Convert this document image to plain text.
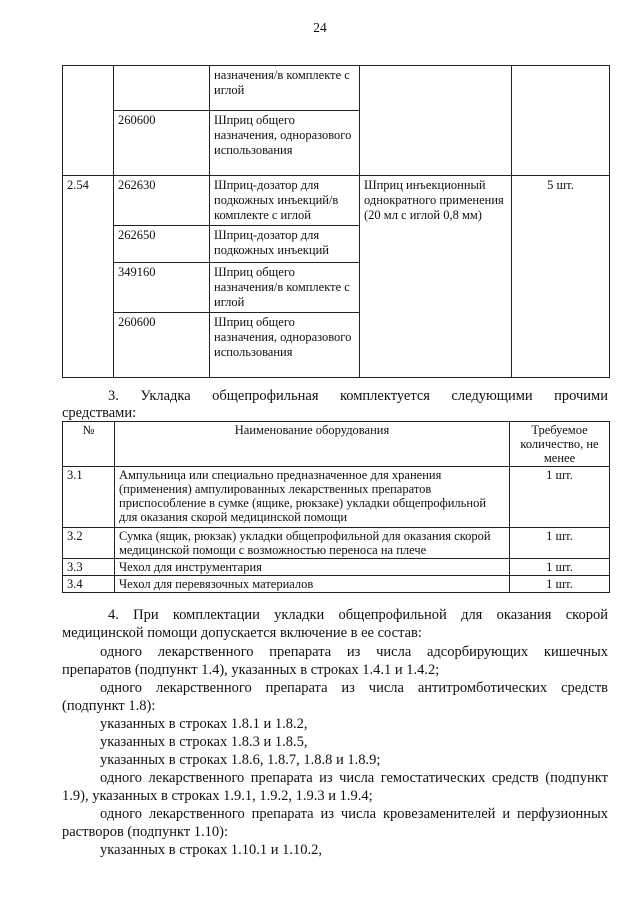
24
		назначения/в комплекте с иглой		
	260600	Шприц общего назначения, одноразового использования		
2.54	262630	Шприц-дозатор для подкожных инъекций/в комплекте с иглой	Шприц инъекционный однократного применения (20 мл с иглой 0,8 мм)	5 шт.
	262650	Шприц-дозатор для подкожных инъекций		
	349160	Шприц общего назначения/в комплекте с иглой		
	260600	Шприц общего назначения, одноразового использования		
3. Укладка общепрофильная комплектуется следующими прочими
средствами:
№	Наименование оборудования	Требуемое количество, не менее
3.1	Ампульница или специально предназначенное для хранения (применения) ампулированных лекарственных препаратов приспособление в сумке (ящике, рюкзаке) укладки общепрофильной для оказания скорой медицинской помощи	1 шт.
3.2	Сумка (ящик, рюкзак) укладки общепрофильной для оказания скорой медицинской помощи с возможностью переноса на плече	1 шт.
3.3	Чехол для инструментария	1 шт.
3.4	Чехол для перевязочных материалов	1 шт.
4. При комплектации укладки общепрофильной для оказания скорой
медицинской помощи допускается включение в ее состав:
одного лекарственного препарата из числа адсорбирующих кишечных
препаратов (подпункт 1.4), указанных в строках 1.4.1 и 1.4.2;
одного лекарственного препарата из числа антитромботических средств
(подпункт 1.8):
указанных в строках 1.8.1 и 1.8.2,
указанных в строках 1.8.3 и 1.8.5,
указанных в строках 1.8.6, 1.8.7, 1.8.8 и 1.8.9;
одного лекарственного препарата из числа гемостатических средств (подпункт
1.9), указанных в строках 1.9.1, 1.9.2, 1.9.3 и 1.9.4;
одного лекарственного препарата из числа кровезаменителей и перфузионных
растворов (подпункт 1.10):
указанных в строках 1.10.1 и 1.10.2,
